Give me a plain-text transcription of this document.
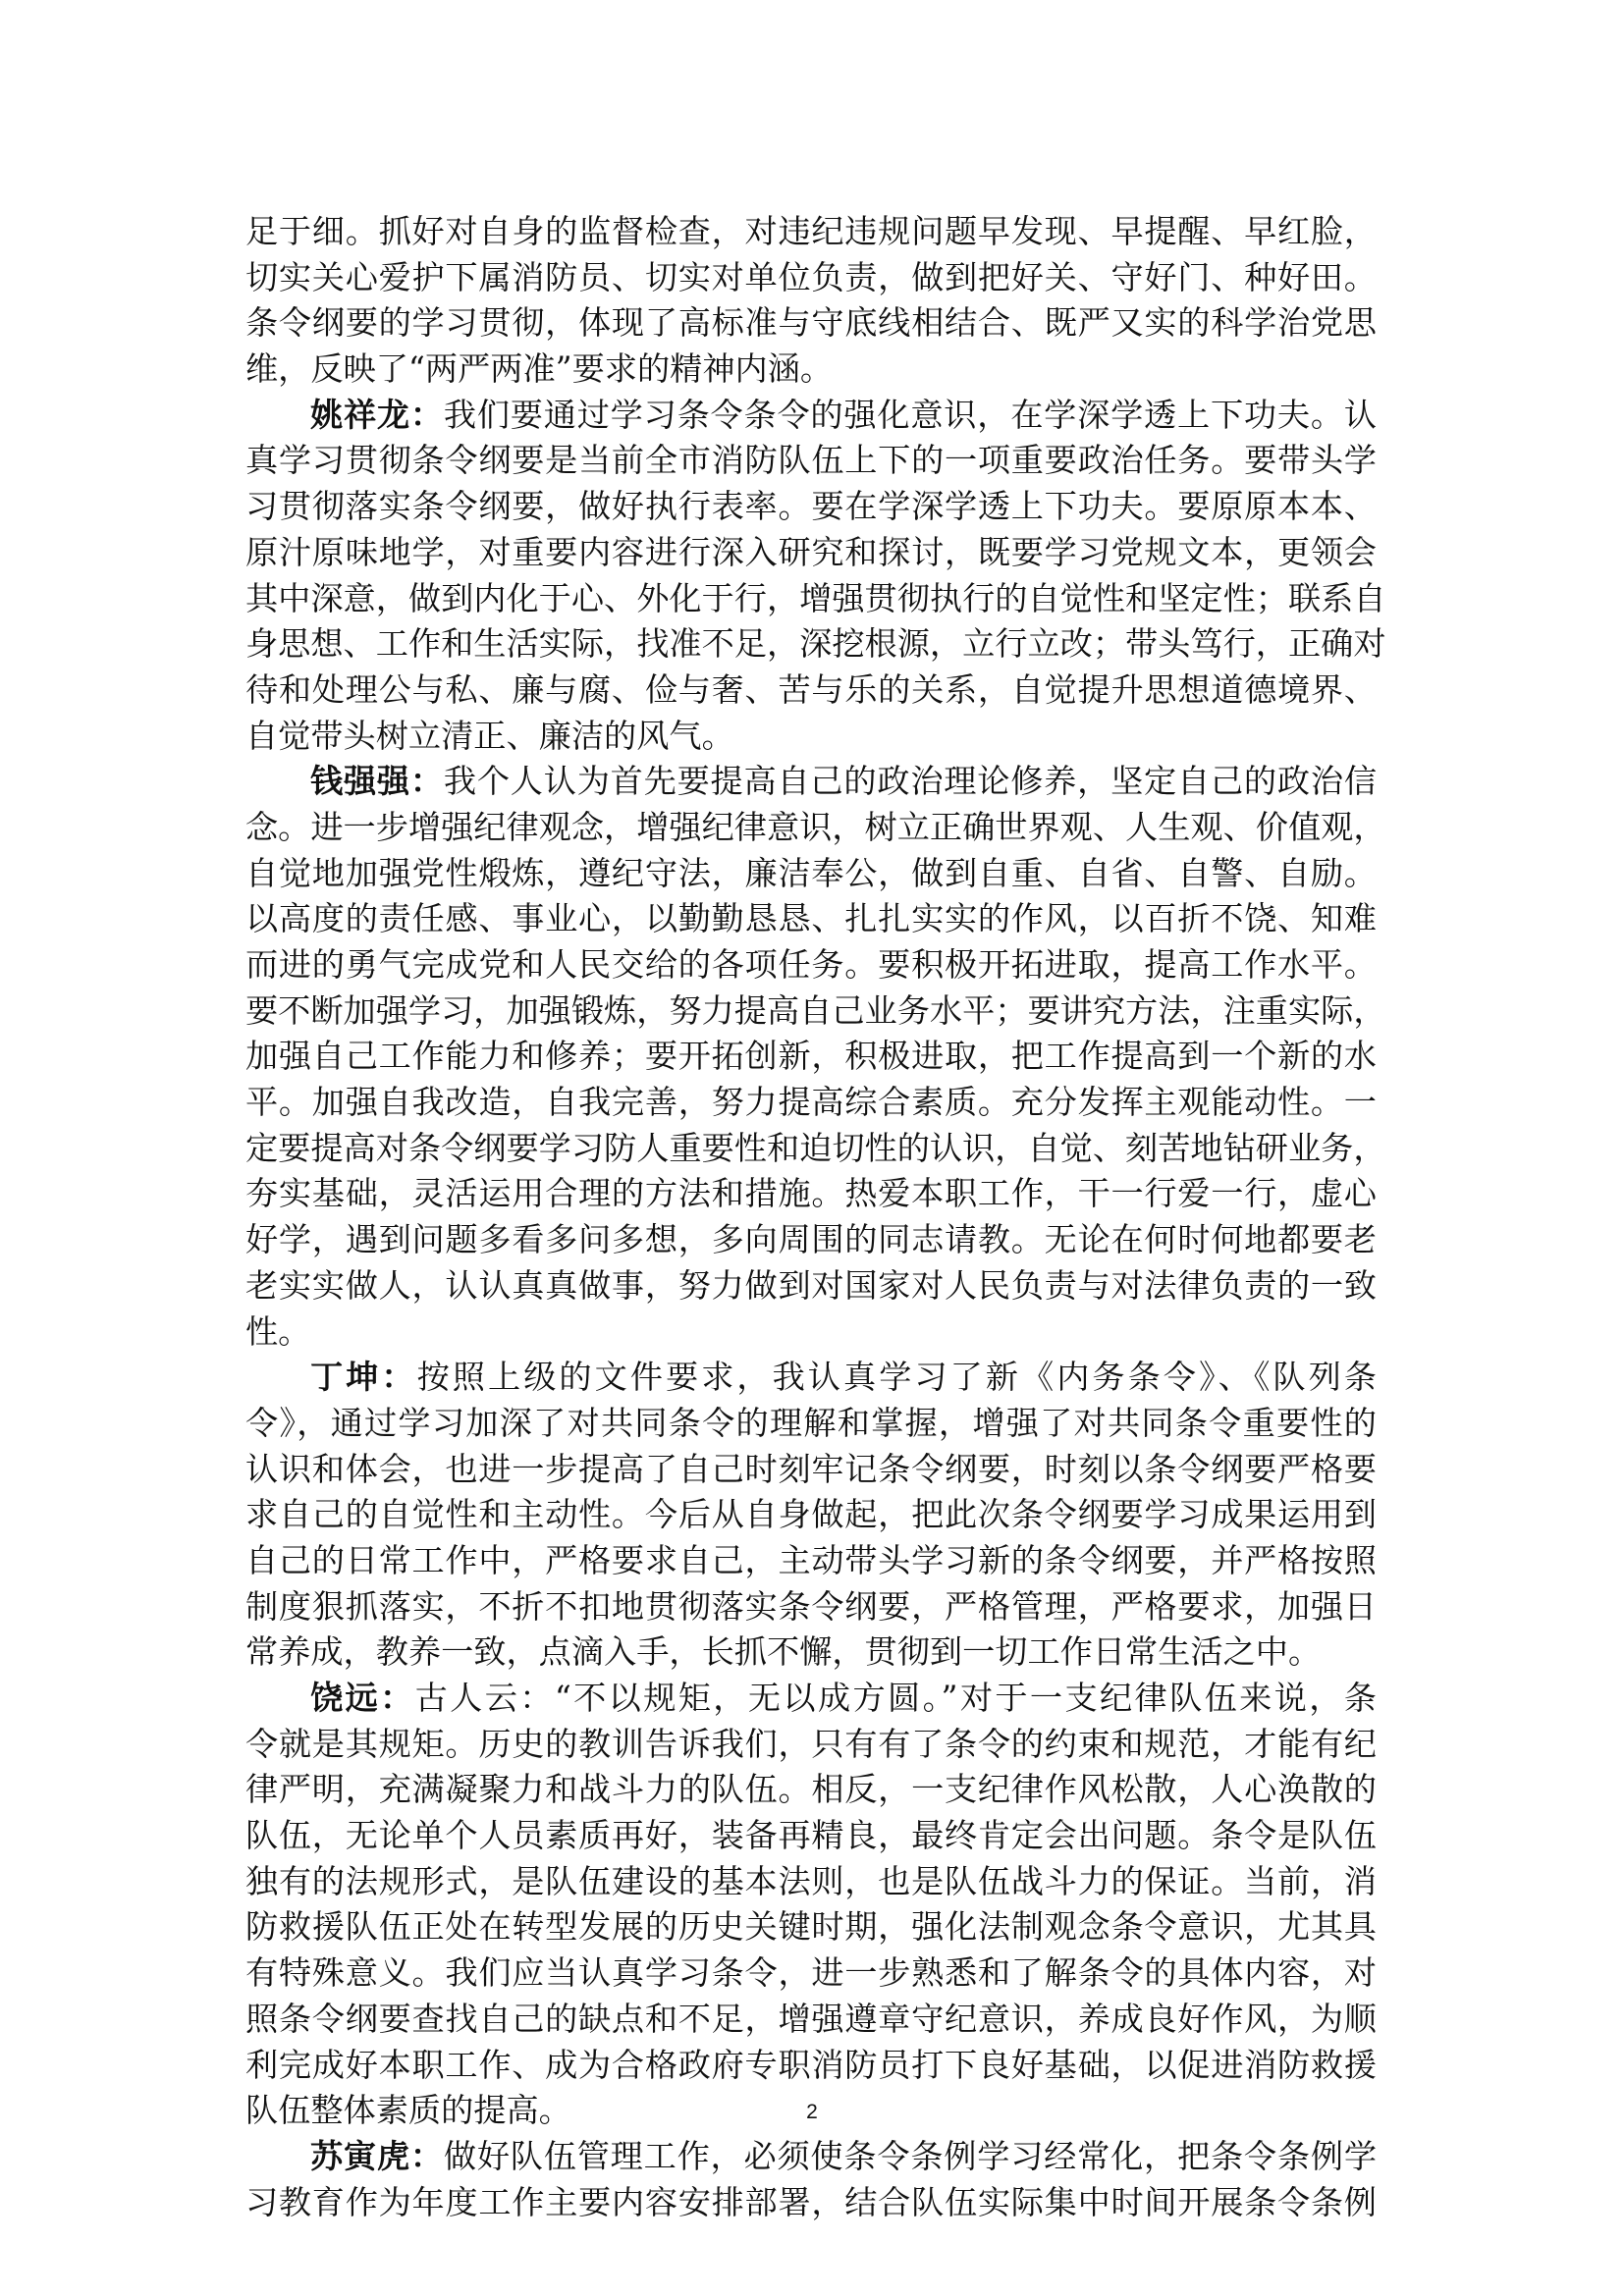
足于细。抓好对自身的监督检查，对违纪违规问题早发现、早提醒、早红脸，
切实关心爱护下属消防员、切实对单位负责，做到把好关、守好门、种好田。
条令纲要的学习贯彻，体现了高标准与守底线相结合、既严又实的科学治党思
维，反映了“两严两准”要求的精神内涵。
姚祥龙：我们要通过学习条令条令的强化意识，在学深学透上下功夫。认
真学习贯彻条令纲要是当前全市消防队伍上下的一项重要政治任务。要带头学
习贯彻落实条令纲要，做好执行表率。要在学深学透上下功夫。要原原本本、
原汁原味地学，对重要内容进行深入研究和探讨，既要学习党规文本，更领会
其中深意，做到内化于心、外化于行，增强贯彻执行的自觉性和坚定性；联系自
身思想、工作和生活实际，找准不足，深挖根源，立行立改；带头笃行，正确对
待和处理公与私、廉与腐、俭与奢、苦与乐的关系，自觉提升思想道德境界、
自觉带头树立清正、廉洁的风气。
钱强强：我个人认为首先要提高自己的政治理论修养，坚定自己的政治信
念。进一步增强纪律观念，增强纪律意识，树立正确世界观、人生观、价值观，
自觉地加强党性煅炼，遵纪守法，廉洁奉公，做到自重、自省、自警、自励。
以高度的责任感、事业心，以勤勤恳恳、扎扎实实的作风，以百折不饶、知难
而进的勇气完成党和人民交给的各项任务。要积极开拓进取，提高工作水平。
要不断加强学习，加强锻炼，努力提高自己业务水平；要讲究方法，注重实际，
加强自己工作能力和修养；要开拓创新，积极进取，把工作提高到一个新的水
平。加强自我改造，自我完善，努力提高综合素质。充分发挥主观能动性。一
定要提高对条令纲要学习防人重要性和迫切性的认识，自觉、刻苦地钻研业务，
夯实基础，灵活运用合理的方法和措施。热爱本职工作，干一行爱一行，虚心
好学，遇到问题多看多问多想，多向周围的同志请教。无论在何时何地都要老
老实实做人，认认真真做事，努力做到对国家对人民负责与对法律负责的一致
性。
丁坤：按照上级的文件要求，我认真学习了新《内务条令》、《队列条
令》，通过学习加深了对共同条令的理解和掌握，增强了对共同条令重要性的
认识和体会，也进一步提高了自己时刻牢记条令纲要，时刻以条令纲要严格要
求自己的自觉性和主动性。今后从自身做起，把此次条令纲要学习成果运用到
自己的日常工作中，严格要求自己，主动带头学习新的条令纲要，并严格按照
制度狠抓落实，不折不扣地贯彻落实条令纲要，严格管理，严格要求，加强日
常养成，教养一致，点滴入手，长抓不懈，贯彻到一切工作日常生活之中。
饶远：古人云：“不以规矩，无以成方圆。”对于一支纪律队伍来说，条
令就是其规矩。历史的教训告诉我们，只有有了条令的约束和规范，才能有纪
律严明，充满凝聚力和战斗力的队伍。相反，一支纪律作风松散，人心涣散的
队伍，无论单个人员素质再好，装备再精良，最终肯定会出问题。条令是队伍
独有的法规形式，是队伍建设的基本法则，也是队伍战斗力的保证。当前，消
防救援队伍正处在转型发展的历史关键时期，强化法制观念条令意识，尤其具
有特殊意义。我们应当认真学习条令，进一步熟悉和了解条令的具体内容，对
照条令纲要查找自己的缺点和不足，增强遵章守纪意识，养成良好作风，为顺
利完成好本职工作、成为合格政府专职消防员打下良好基础，以促进消防救援
队伍整体素质的提高。
苏寅虎：做好队伍管理工作，必须使条令条例学习经常化，把条令条例学
习教育作为年度工作主要内容安排部署，结合队伍实际集中时间开展条令条例
2
